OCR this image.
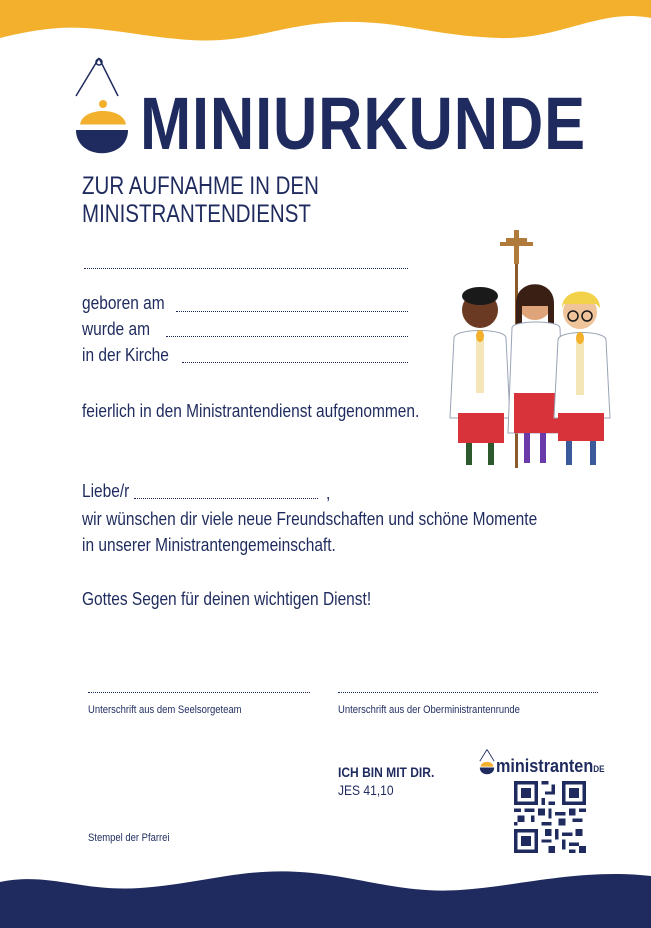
MINIURKUNDE
ZUR AUFNAHME IN DEN MINISTRANTENDIENST
geboren am
wurde am
in der Kirche
feierlich in den Ministrantendienst aufgenommen.
Liebe/r	,
wir wünschen dir viele neue Freundschaften und schöne Momente
in unserer Ministrantengemeinschaft.
Gottes Segen für deinen wichtigen Dienst!
Unterschrift aus dem Seelsorgeteam	Unterschrift aus der Oberministrantenrunde
ICH BIN MIT DIR.
JES 41,10
Stempel der Pfarrei
ministrantenDE
